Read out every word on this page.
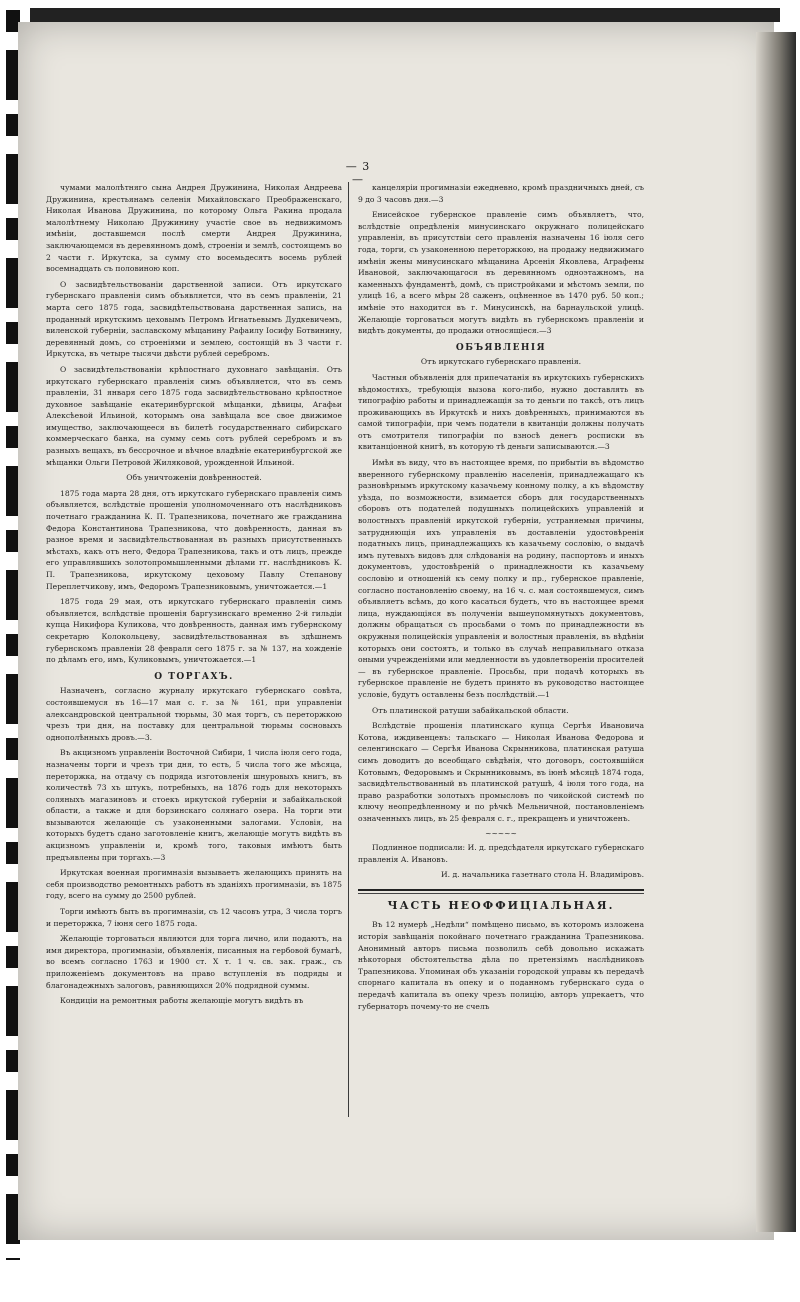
— 3 —

чумами малолѣтняго сына Андрея Дружинина, Николая Андреева Дружинина, крестьянамъ селенія Михайловскаго Преображенскаго, Николая Иванова Дружинина, по которому Ольга Ракина продала малолѣтнему Николаю Дружинину участіе свое въ недвижимомъ имѣніи, доставшемся послѣ смерти Андрея Дружинина, заключающемся въ деревянномъ домѣ, строеніи и землѣ, состоящемъ во 2 части г. Иркутска, за сумму сто восемьдесятъ восемь рублей восемнадцать съ половиною коп.

О засвидѣтельствованіи дарственной записи. Отъ иркутскаго губернскаго правленія симъ объявляется, что въ семъ правленіи, 21 марта сего 1875 года, засвидѣтельствована дарственная запись, на проданный иркутскимъ цеховымъ Петромъ Игнатьевымъ Дудкевичемъ, виленской губерніи, заславскому мѣщанину Рафаилу Іосифу Ботвинину, деревянный домъ, со строеніями и землею, состоящій въ 3 части г. Иркутска, въ четыре тысячи двѣсти рублей серебромъ.

О засвидѣтельствованіи крѣпостнаго духовнаго завѣщанія. Отъ иркутскаго губернскаго правленія симъ объявляется, что въ семъ правленіи, 31 января сего 1875 года засвидѣтельствовано крѣпостное духовное завѣщаніе екатеринбургской мѣщанки, дѣвицы, Агафьи Алексѣевой Ильиной, которымъ она завѣщала все свое движимое имущество, заключающееся въ билетѣ государственнаго сибирскаго коммерческаго банка, на сумму семь сотъ рублей серебромъ и въ разныхъ вещахъ, въ бессрочное и вѣчное владѣніе екатеринбургской же мѣщанки Ольги Петровой Жиляковой, урожденной Ильиной.

Объ уничтоженіи довѣренностей.

1875 года марта 28 дня, отъ иркутскаго губернскаго правленія симъ объявляется, вслѣдствіе прошенія уполномоченнаго отъ наслѣдниковъ почетнаго гражданина К. П. Трапезникова, почетнаго же гражданина Федора Константинова Трапезникова, что довѣренность, данная въ разное время и засвидѣтельствованная въ разныхъ присутственныхъ мѣстахъ, какъ отъ него, Федора Трапезникова, такъ и отъ лицъ, прежде его управлявшихъ золотопромышленными дѣлами гг. наслѣдниковъ К. П. Трапезникова, иркутскому цеховому Павлу Степанову Переплетчикову, имъ, Федоромъ Трапезниковымъ, уничтожается.—1

1875 года 29 мая, отъ иркутскаго губернскаго правленія симъ объявляется, вслѣдствіе прошенія баргузинскаго временно 2-й гильдіи купца Никифора Куликова, что довѣренность, данная имъ губернскому секретарю Колокольцеву, засвидѣтельствованная въ здѣшнемъ губернскомъ правленіи 28 февраля сего 1875 г. за № 137, на хожденіе по дѣламъ его, имъ, Куликовымъ, уничтожается.—1

О ТОРГАХЪ.

Назначенъ, согласно журналу иркутскаго губернскаго совѣта, состоявшемуся въ 16—17 мая с. г. за № 161, при управленіи александровской центральной тюрьмы, 30 мая торгъ, съ переторжкою чрезъ три дня, на поставку для центральной тюрьмы сосновыхъ однополѣнныхъ дровъ.—3.

Въ акцизномъ управленіи Восточной Сибири, 1 числа іюля сего года, назначены торги и чрезъ три дня, то есть, 5 числа того же мѣсяца, переторжка, на отдачу съ подряда изготовленія шнуровыхъ книгъ, въ количествѣ 73 хъ штукъ, потребныхъ, на 1876 годъ для некоторыхъ соляныхъ магазиновъ и стоекъ иркутской губерніи и забайкальской области, а также и для борзинскаго солянаго озера. На торги эти вызываются желающіе съ узаконенными залогами. Условія, на которыхъ будетъ сдано заготовленіе книгъ, желающіе могутъ видѣть въ акцизномъ управленіи и, кромѣ того, таковыя имѣютъ быть предъявлены при торгахъ.—3

Иркутская военная прогимназія вызываетъ желающихъ принять на себя производство ремонтныхъ работъ въ зданіяхъ прогимназіи, въ 1875 году, всего на сумму до 2500 рублей.

Торги имѣютъ быть въ прогимназіи, съ 12 часовъ утра, 3 числа торгъ и переторжка, 7 іюня сего 1875 года.

Желающіе торговаться являются для торга лично, или подаютъ, на имя директора, прогимназіи, объявленія, писанныя на гербовой бумагѣ, во всемъ согласно 1763 и 1900 ст. X т. 1 ч. св. зак. граж., съ приложеніемъ документовъ на право вступленія въ подряды и благонадежныхъ залоговъ, равняющихся 20% подрядной суммы.

Кондиціи на ремонтныя работы желающіе могутъ видѣть въ

канцеляріи прогимназіи ежедневно, кромѣ праздничныхъ дней, съ 9 до 3 часовъ дня.—3

Енисейское губернское правленіе симъ объявляетъ, что, вслѣдствіе опредѣленія минусинскаго окружнаго полицейскаго управленія, въ присутствіи сего правленія назначены 16 іюля сего года, торги, съ узаконенною переторжкою, на продажу недвижимаго имѣнія жены минусинскаго мѣщанина Арсенія Яковлева, Аграфены Ивановой, заключающагося въ деревянномъ одноэтажномъ, на каменныхъ фундаментѣ, домѣ, съ пристройками и мѣстомъ земли, по улицѣ 16, а всего мѣры 28 саженъ, оцѣненное въ 1470 руб. 50 коп.; имѣніе это находится въ г. Минусинскѣ, на барнаульской улицѣ. Желающіе торговаться могутъ видѣть въ губернскомъ правленіи и видѣть документы, до продажи относящіеся.—3

ОБЪЯВЛЕНІЯ

Отъ иркутскаго губернскаго правленія.

Частныя объявленія для припечатанія въ иркутскихъ губернскихъ вѣдомостяхъ, требующія вызова кого-либо, нужно доставлять въ типографію работы и принадлежащія за то деньги по таксѣ, отъ лицъ проживающихъ въ Иркутскѣ и нихъ довѣренныхъ, принимаются въ самой типографіи, при чемъ податели в квитанціи должны получать отъ смотрителя типографіи по взносѣ денегъ росписки въ квитанціонной книгѣ, въ которую тѣ деньги записываются.—3

Имѣя въ виду, что въ настоящее время, по прибытіи въ вѣдомство вверенного губернскому правленію населенія, принадлежащаго къ разновѣрнымъ иркутскому казачьему конному полку, а къ вѣдомству уѣзда, по возможности, взимается сборъ для государственныхъ сборовъ отъ подателей подушныхъ полицейскихъ управленій и волостныхъ правленій иркутской губерніи, устраняемыя причины, затрудняющія ихъ управленія въ доставленіи удостовѣренія податныхъ лицъ, принадлежащихъ къ казачьему сословію, о выдачѣ имъ путевыхъ видовъ для слѣдованія на родину, паспортовъ и иныхъ документовъ, удостовѣреній о принадлежности къ казачьему сословію и отношеній къ сему полку и пр., губернское правленіе, согласно постановленію своему, на 16 ч. с. мая состоявшемуся, симъ объявляетъ всѣмъ, до кого касаться будетъ, что въ настоящее время лица, нуждающіяся въ полученіи вышеупомянутыхъ документовъ, должны обращаться съ просьбами о томъ по принадлежности въ окружныя полицейскія управленія и волостныя правленія, въ вѣдѣніи которыхъ они состоятъ, и только въ случаѣ неправильнаго отказа оными учрежденіями или медленности въ удовлетвореніи просителей — въ губернское правленіе. Просьбы, при подачѣ которыхъ въ губернское правленіе не будетъ принято въ руководство настоящее условіе, будутъ оставлены безъ послѣдствій.—1

Отъ платинской ратуши забайкальской области.

Вслѣдствіе прошенія платинскаго купца Сергѣя Ивановича Котова, иждивенцевъ: тальскаго — Николая Иванова Федорова и селенгинскаго — Сергѣя Иванова Скрынникова, платинская ратуша симъ доводитъ до всеобщаго свѣдѣнія, что договоръ, состоявшійся Котовымъ, Федоровымъ и Скрынниковымъ, въ іюнѣ мѣсяцѣ 1874 года, засвидѣтельствованный въ платинской ратушѣ, 4 іюля того года, на право разработки золотыхъ промысловъ по чикойской системѣ по ключу неопредѣленному и по рѣчкѣ Мельничной, постановленіемъ означенныхъ лицъ, въ 25 февраля с. г., прекращенъ и уничтоженъ.

~~~~~

Подлинное подписали: И. д. предсѣдателя иркутскаго губернскаго правленія А. Ивановъ.

И. д. начальника газетнаго стола Н. Владиміровъ.

ЧАСТЬ НЕОФФИЦІАЛЬНАЯ.

Въ 12 нумерѣ „Недѣли“ помѣщено письмо, въ которомъ изложена исторія завѣщанія покойнаго почетнаго гражданина Трапезникова. Анонимный авторъ письма позволилъ себѣ довольно искажать нѣкоторыя обстоятельства дѣла по претензіямъ наслѣдниковъ Трапезникова. Упоминая объ указаніи городской управы къ передачѣ спорнаго капитала въ опеку и о поданномъ губернскаго суда о передачѣ капитала въ опеку чрезъ полицію, авторъ упрекаетъ, что губернаторъ почему-то не счелъ
